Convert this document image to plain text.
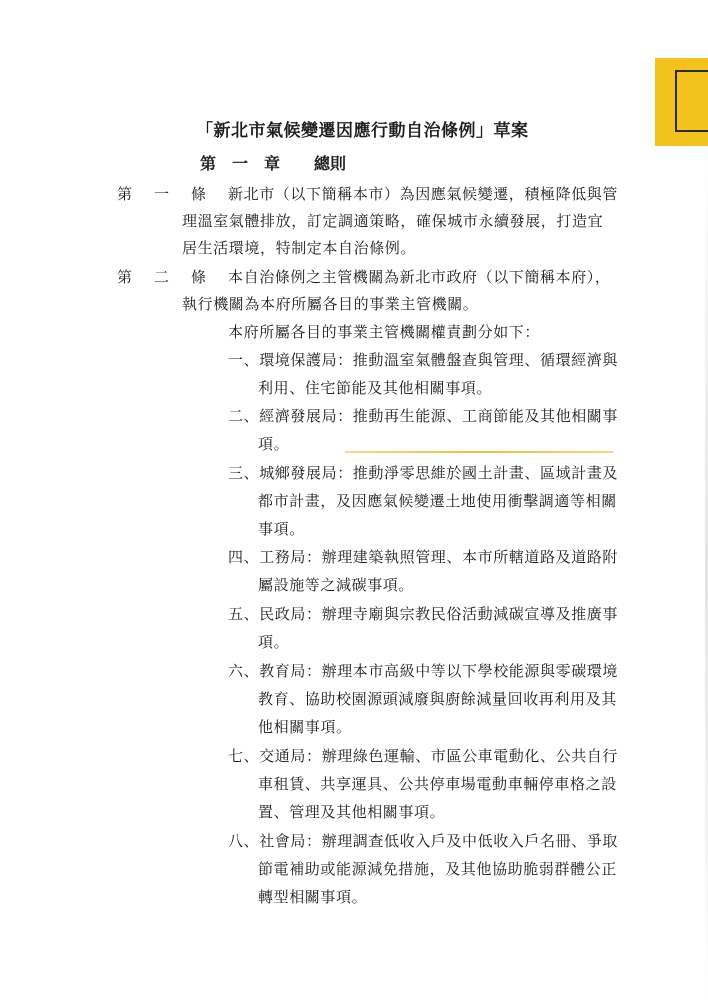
「新北市氣候變遷因應行動自治條例」草案
第　一　章 總則
第一條 新北市（以下簡稱本市）為因應氣候變遷，積極降低與管
理溫室氣體排放，訂定調適策略，確保城市永續發展，打造宜
居生活環境，特制定本自治條例。
第二條 本自治條例之主管機關為新北市政府（以下簡稱本府），
執行機關為本府所屬各目的事業主管機關。
本府所屬各目的事業主管機關權責劃分如下：
一、環境保護局：推動溫室氣體盤查與管理、循環經濟與
利用、住宅節能及其他相關事項。
二、經濟發展局：推動再生能源、工商節能及其他相關事
項。
三、城鄉發展局：推動淨零思維於國土計畫、區域計畫及
都市計畫，及因應氣候變遷土地使用衝擊調適等相關
事項。
四、工務局：辦理建築執照管理、本市所轄道路及道路附
屬設施等之減碳事項。
五、民政局：辦理寺廟與宗教民俗活動減碳宣導及推廣事
項。
六、教育局：辦理本市高級中等以下學校能源與零碳環境
教育、協助校園源頭減廢與廚餘減量回收再利用及其
他相關事項。
七、交通局：辦理綠色運輸、市區公車電動化、公共自行
車租賃、共享運具、公共停車場電動車輛停車格之設
置、管理及其他相關事項。
八、社會局：辦理調查低收入戶及中低收入戶名冊、爭取
節電補助或能源減免措施，及其他協助脆弱群體公正
轉型相關事項。
